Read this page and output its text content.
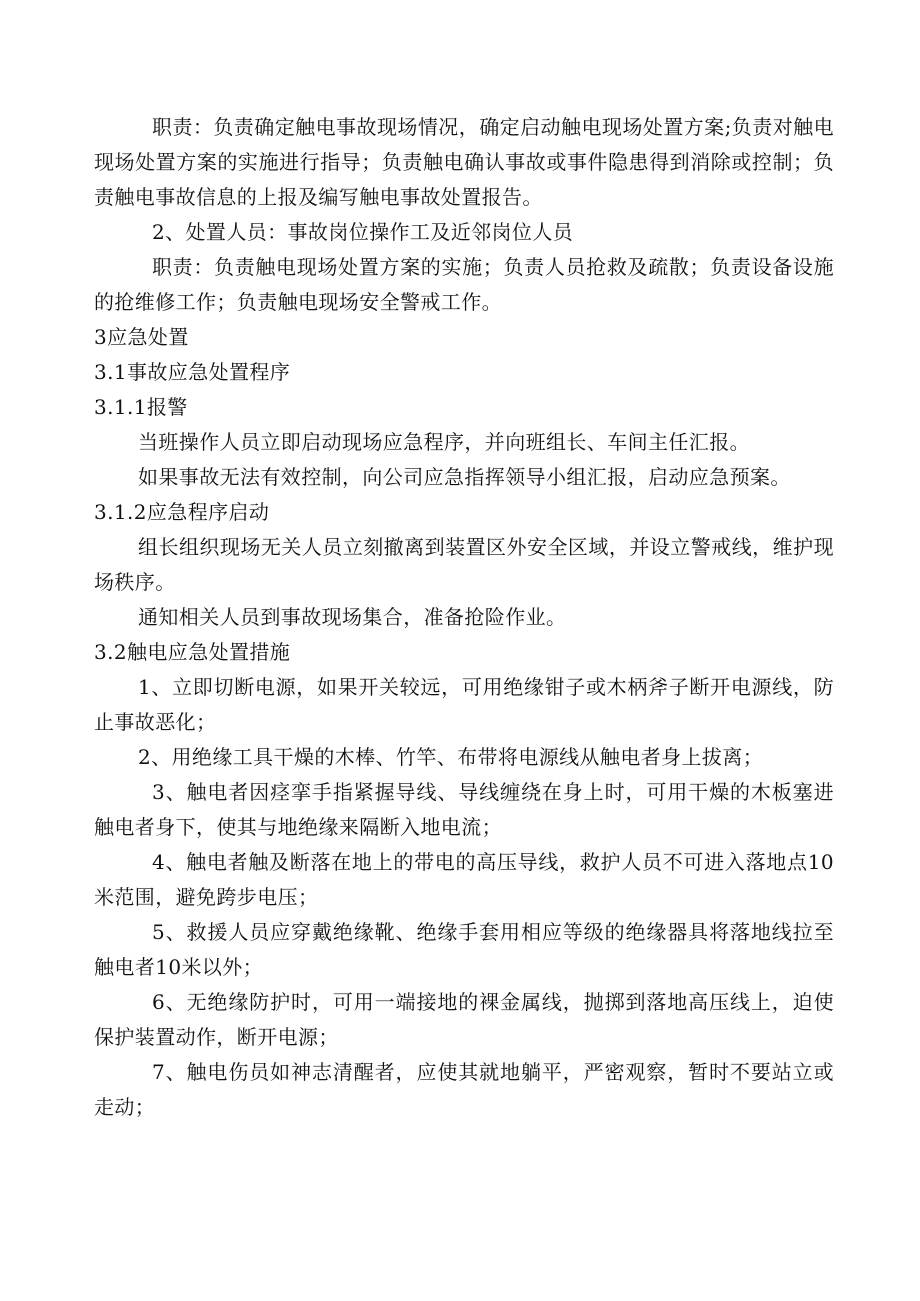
职责：负责确定触电事故现场情况，确定启动触电现场处置方案;负责对触电现场处置方案的实施进行指导；负责触电确认事故或事件隐患得到消除或控制；负责触电事故信息的上报及编写触电事故处置报告。

2、处置人员：事故岗位操作工及近邻岗位人员

职责：负责触电现场处置方案的实施；负责人员抢救及疏散；负责设备设施的抢维修工作；负责触电现场安全警戒工作。

3应急处置

3.1事故应急处置程序

3.1.1报警

当班操作人员立即启动现场应急程序，并向班组长、车间主任汇报。

如果事故无法有效控制，向公司应急指挥领导小组汇报，启动应急预案。

3.1.2应急程序启动

组长组织现场无关人员立刻撤离到装置区外安全区域，并设立警戒线，维护现场秩序。

通知相关人员到事故现场集合，准备抢险作业。

3.2触电应急处置措施

1、立即切断电源，如果开关较远，可用绝缘钳子或木柄斧子断开电源线，防止事故恶化；

2、用绝缘工具干燥的木棒、竹竿、布带将电源线从触电者身上拔离；

3、触电者因痉挛手指紧握导线、导线缠绕在身上时，可用干燥的木板塞进触电者身下，使其与地绝缘来隔断入地电流；

4、触电者触及断落在地上的带电的高压导线，救护人员不可进入落地点10米范围，避免跨步电压；

5、救援人员应穿戴绝缘靴、绝缘手套用相应等级的绝缘器具将落地线拉至触电者10米以外；

6、无绝缘防护时，可用一端接地的裸金属线，抛掷到落地高压线上，迫使保护装置动作，断开电源；

7、触电伤员如神志清醒者，应使其就地躺平，严密观察，暂时不要站立或走动；
